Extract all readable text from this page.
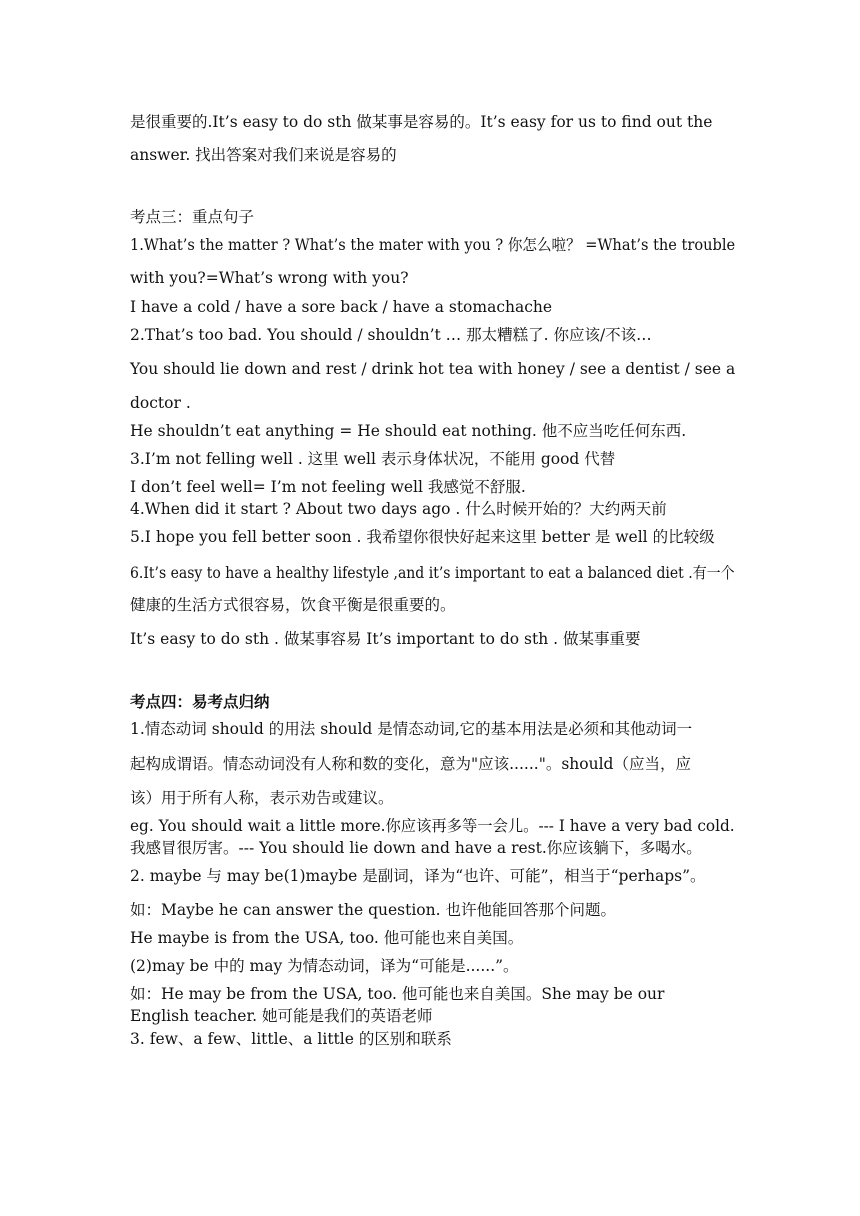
是很重要的.It’s easy to do sth 做某事是容易的。It’s easy for us to find out the
answer. 找出答案对我们来说是容易的
考点三：重点句子
1.What’s the matter ? What’s the mater with you ? 你怎么啦？ =What’s the trouble
with you?=What’s wrong with you?
I have a cold / have a sore back / have a stomachache
2.That’s too bad. You should / shouldn’t … 那太糟糕了. 你应该/不该…
You should lie down and rest / drink hot tea with honey / see a dentist / see a
doctor .
He shouldn’t eat anything = He should eat nothing. 他不应当吃任何东西.
3.I’m not felling well . 这里 well 表示身体状况，不能用 good 代替
I don’t feel well= I’m not feeling well 我感觉不舒服.
4.When did it start ? About two days ago . 什么时候开始的？大约两天前
5.I hope you fell better soon . 我希望你很快好起来这里 better 是 well 的比较级
6.It’s easy to have a healthy lifestyle ,and it’s important to eat a balanced diet .有一个
健康的生活方式很容易，饮食平衡是很重要的。
It’s easy to do sth . 做某事容易 It’s important to do sth . 做某事重要
考点四：易考点归纳
1.情态动词 should 的用法 should 是情态动词,它的基本用法是必须和其他动词一
起构成谓语。情态动词没有人称和数的变化，意为"应该......"。should（应当，应
该）用于所有人称，表示劝告或建议。
eg. You should wait a little more.你应该再多等一会儿。--- I have a very bad cold.
我感冒很厉害。--- You should lie down and have a rest.你应该躺下，多喝水。
2. maybe 与 may be(1)maybe 是副词，译为“也许、可能”，相当于“perhaps”。
如：Maybe he can answer the question. 也许他能回答那个问题。
He maybe is from the USA, too. 他可能也来自美国。
(2)may be 中的 may 为情态动词，译为“可能是......”。
如：He may be from the USA, too. 他可能也来自美国。She may be our
English teacher. 她可能是我们的英语老师
3. few、a few、little、a little 的区别和联系
